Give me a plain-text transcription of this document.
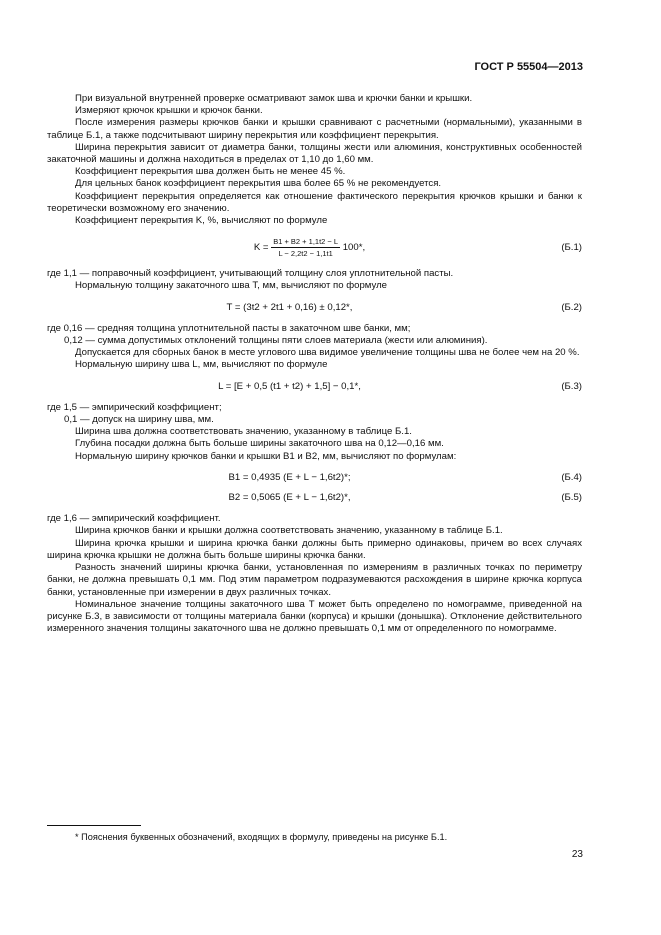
ГОСТ Р 55504—2013

При визуальной внутренней проверке осматривают замок шва и крючки банки и крышки.

Измеряют крючок крышки и крючок банки.

После измерения размеры крючков банки и крышки сравнивают с расчетными (нормальными), указанными в таблице Б.1, а также подсчитывают ширину перекрытия или коэффициент перекрытия.

Ширина перекрытия зависит от диаметра банки, толщины жести или алюминия, конструктивных особенностей закаточной машины и должна находиться в пределах от 1,10 до 1,60 мм.

Коэффициент перекрытия шва должен быть не менее 45 %.

Для цельных банок коэффициент перекрытия шва более 65 % не рекомендуется.

Коэффициент перекрытия определяется как отношение фактического перекрытия крючков крышки и банки к теоретически возможному его значению.

Коэффициент перекрытия K, %, вычисляют по формуле

$K = \frac{B1 + B2 + 1,1t2 - L}{L - 2,2t2 - 1,1t1} 100*$,	(Б.1)

где 1,1 — поправочный коэффициент, учитывающий толщину слоя уплотнительной пасты.

Нормальную толщину закаточного шва T, мм, вычисляют по формуле

T = (3t2 + 2t1 + 0,16) ± 0,12*,	(Б.2)

где 0,16 — средняя толщина уплотнительной пасты в закаточном шве банки, мм;

0,12 — сумма допустимых отклонений толщины пяти слоев материала (жести или алюминия).

Допускается для сборных банок в месте углового шва видимое увеличение толщины шва не более чем на 20 %.

Нормальную ширину шва L, мм, вычисляют по формуле

L = [E + 0,5 (t1 + t2) + 1,5] − 0,1*,	(Б.3)

где 1,5 — эмпирический коэффициент;

0,1 — допуск на ширину шва, мм.

Ширина шва должна соответствовать значению, указанному в таблице Б.1.

Глубина посадки должна быть больше ширины закаточного шва на 0,12—0,16 мм.

Нормальную ширину крючков банки и крышки B1 и B2, мм, вычисляют по формулам:

B1 = 0,4935 (E + L − 1,6t2)*;	(Б.4)
B2 = 0,5065 (E + L − 1,6t2)*,	(Б.5)

где 1,6 — эмпирический коэффициент.

Ширина крючков банки и крышки должна соответствовать значению, указанному в таблице Б.1.

Ширина крючка крышки и ширина крючка банки должны быть примерно одинаковы, причем во всех случаях ширина крючка крышки не должна быть больше ширины крючка банки.

Разность значений ширины крючка банки, установленная по измерениям в различных точках по периметру банки, не должна превышать 0,1 мм. Под этим параметром подразумеваются расхождения в ширине крючка корпуса банки, установленные при измерении в двух различных точках.

Номинальное значение толщины закаточного шва T может быть определено по номограмме, приведенной на рисунке Б.3, в зависимости от толщины материала банки (корпуса) и крышки (донышка). Отклонение действительного измеренного значения толщины закаточного шва не должно превышать 0,1 мм от определенного по номограмме.

* Пояснения буквенных обозначений, входящих в формулу, приведены на рисунке Б.1.
23
